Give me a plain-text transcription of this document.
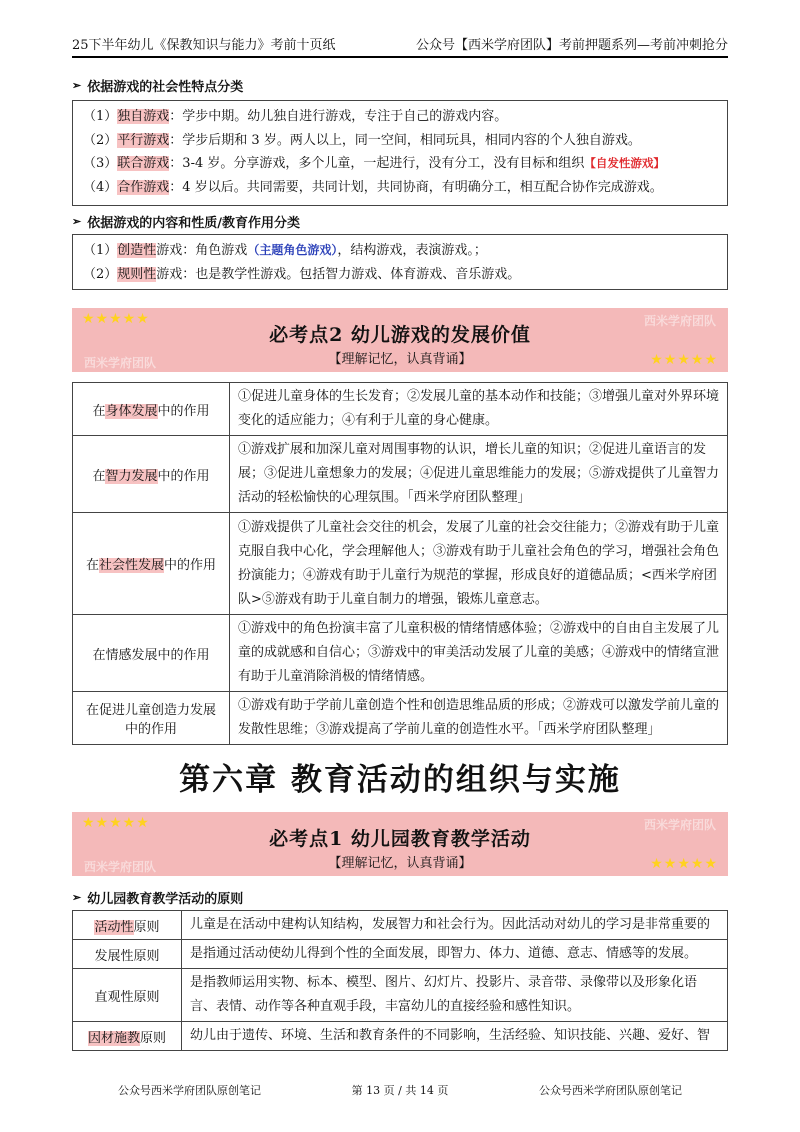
25下半年幼儿《保教知识与能力》考前十页纸	公众号【西米学府团队】考前押题系列—考前冲刺抢分
➢ 依据游戏的社会性特点分类
（1）独自游戏：学步中期。幼儿独自进行游戏，专注于自己的游戏内容。
（2）平行游戏：学步后期和 3 岁。两人以上，同一空间，相同玩具，相同内容的个人独自游戏。
（3）联合游戏：3-4 岁。分享游戏，多个儿童，一起进行，没有分工，没有目标和组织【自发性游戏】
（4）合作游戏：4 岁以后。共同需要，共同计划，共同协商，有明确分工，相互配合协作完成游戏。
➢ 依据游戏的内容和性质/教育作用分类
（1）创造性游戏：角色游戏（主题角色游戏），结构游戏，表演游戏。；
（2）规则性游戏：也是教学性游戏。包括智力游戏、体育游戏、音乐游戏。
★★★★★	西米学府团队
西米学府团队	★★★★★
必考点2 幼儿游戏的发展价值
【理解记忆，认真背诵】
在身体发展中的作用	①促进儿童身体的生长发育；②发展儿童的基本动作和技能；③增强儿童对外界环境变化的适应能力；④有利于儿童的身心健康。
在智力发展中的作用	①游戏扩展和加深儿童对周围事物的认识，增长儿童的知识；②促进儿童语言的发展；③促进儿童想象力的发展；④促进儿童思维能力的发展；⑤游戏提供了儿童智力活动的轻松愉快的心理氛围。「西米学府团队整理」
在社会性发展中的作用	①游戏提供了儿童社会交往的机会，发展了儿童的社会交往能力；②游戏有助于儿童克服自我中心化，学会理解他人；③游戏有助于儿童社会角色的学习，增强社会角色扮演能力；④游戏有助于儿童行为规范的掌握，形成良好的道德品质；<西米学府团队>⑤游戏有助于儿童自制力的增强，锻炼儿童意志。
在情感发展中的作用	①游戏中的角色扮演丰富了儿童积极的情绪情感体验；②游戏中的自由自主发展了儿童的成就感和自信心；③游戏中的审美活动发展了儿童的美感；④游戏中的情绪宣泄有助于儿童消除消极的情绪情感。
在促进儿童创造力发展中的作用	①游戏有助于学前儿童创造个性和创造思维品质的形成；②游戏可以激发学前儿童的发散性思维；③游戏提高了学前儿童的创造性水平。「西米学府团队整理」
第六章 教育活动的组织与实施
★★★★★	西米学府团队
西米学府团队	★★★★★
必考点1 幼儿园教育教学活动
【理解记忆，认真背诵】
➢ 幼儿园教育教学活动的原则
活动性原则	儿童是在活动中建构认知结构，发展智力和社会行为。因此活动对幼儿的学习是非常重要的
发展性原则	是指通过活动使幼儿得到个性的全面发展，即智力、体力、道德、意志、情感等的发展。
直观性原则	是指教师运用实物、标本、模型、图片、幻灯片、投影片、录音带、录像带以及形象化语言、表情、动作等各种直观手段，丰富幼儿的直接经验和感性知识。
因材施教原则	幼儿由于遗传、环境、生活和教育条件的不同影响，生活经验、知识技能、兴趣、爱好、智
公众号西米学府团队原创笔记	第 13 页 / 共 14 页	公众号西米学府团队原创笔记
